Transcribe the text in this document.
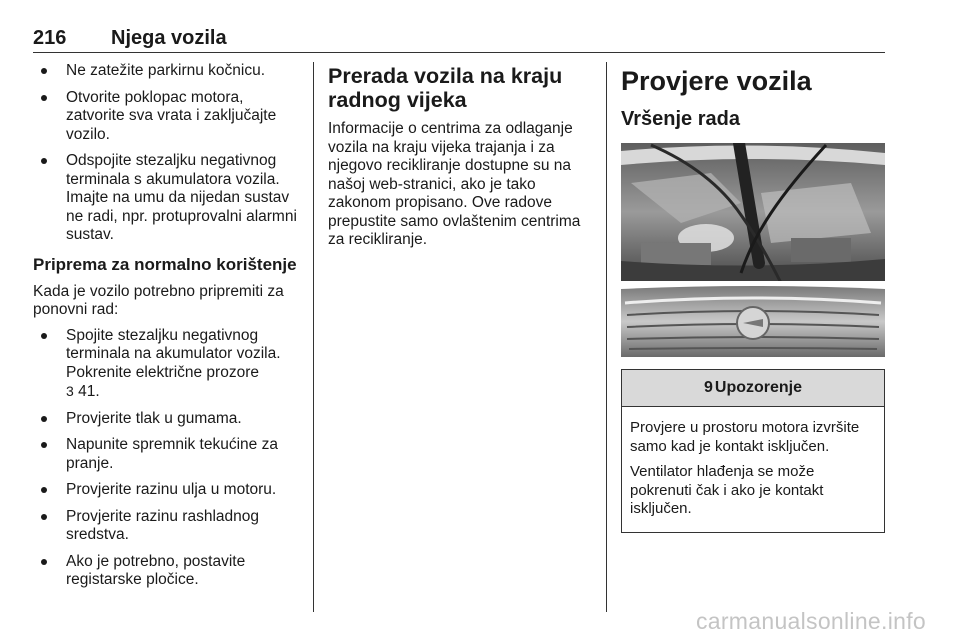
216 Njega vozila
Ne zatežite parkirnu kočnicu.
Otvorite poklopac motora, zatvorite sva vrata i zaključajte vozilo.
Odspojite stezaljku negativnog terminala s akumulatora vozila. Imajte na umu da nijedan sustav ne radi, npr. protuprovalni alarmni sustav.
Priprema za normalno korištenje

Kada je vozilo potrebno pripremiti za ponovni rad:

Spojite stezaljku negativnog terminala na akumulator vozila. Pokrenite električne prozore
3 41.
Provjerite tlak u gumama.
Napunite spremnik tekućine za pranje.
Provjerite razinu ulja u motoru.
Provjerite razinu rashladnog sredstva.
Ako je potrebno, postavite registarske pločice.
Prerada vozila na kraju radnog vijeka

Informacije o centrima za odlaganje vozila na kraju vijeka trajanja i za njegovo recikliranje dostupne su na našoj web-stranici, ako je tako zakonom propisano. Ove radove prepustite samo ovlaštenim centrima za recikliranje.

Provjere vozila
Vršenje rada
9 Upozorenje

Provjere u prostoru motora izvršite samo kad je kontakt isključen.

Ventilator hlađenja se može pokrenuti čak i ako je kontakt isključen.

carmanualsonline.info
